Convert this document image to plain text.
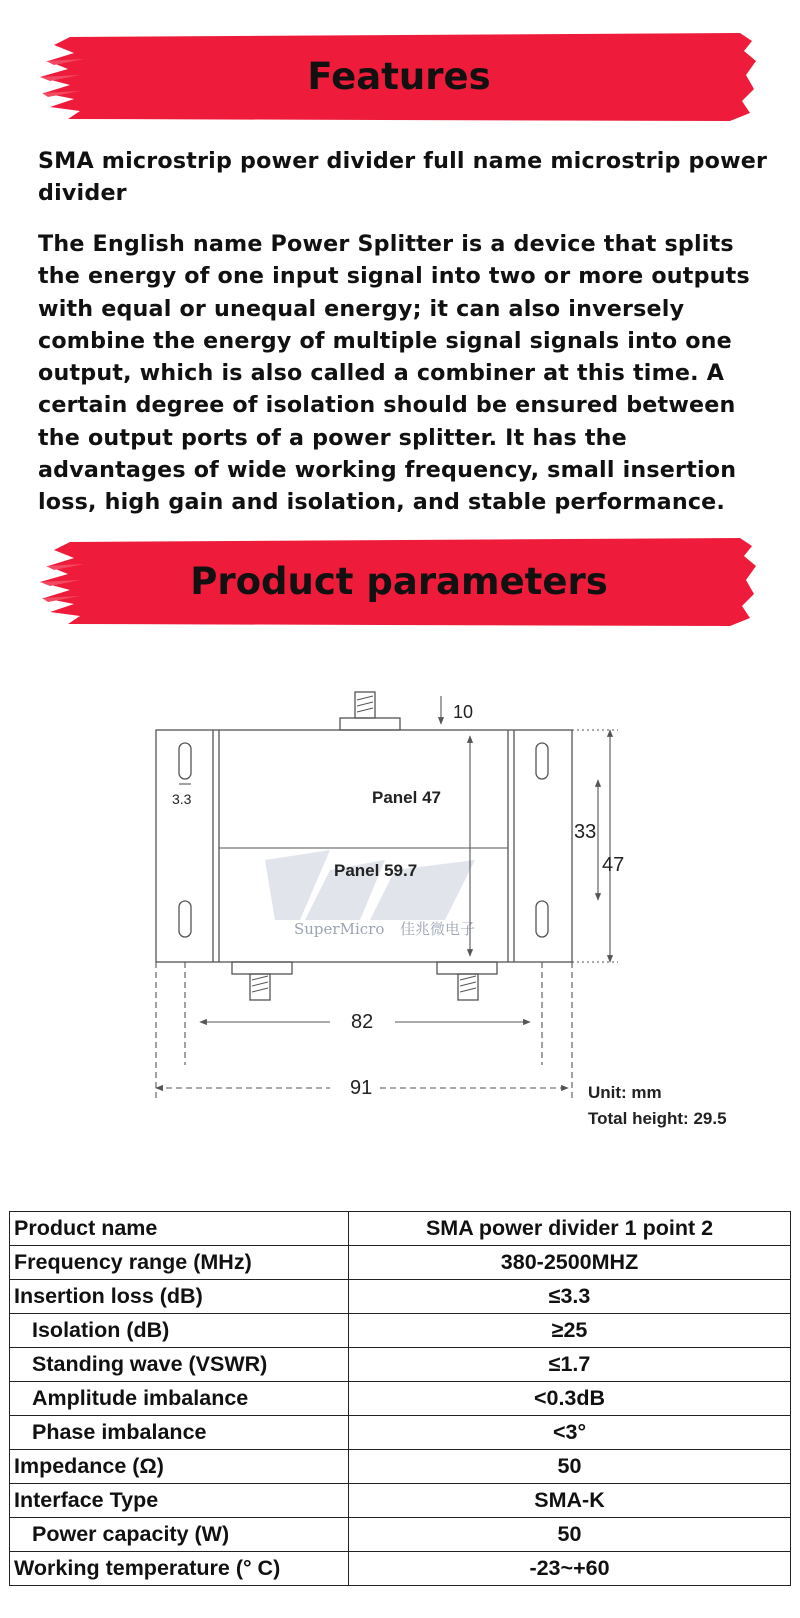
Features

SMA microstrip power divider full name microstrip power divider

The English name Power Splitter is a device that splits the energy of one input signal into two or more outputs with equal or unequal energy; it can also inversely combine the energy of multiple signal signals into one output, which is also called a combiner at this time. A certain degree of isolation should be ensured between the output ports of a power splitter. It has the advantages of wide working frequency, small insertion loss, high gain and isolation, and stable performance.

Product parameters
SuperMicro 佳兆微电子
3.3	Panel 47
Panel 59.7
10
33
47
82
91	Unit: mm
Total height: 29.5
Product name	SMA power divider 1 point 2
Frequency range (MHz)	380-2500MHZ
Insertion loss (dB)	≤3.3
Isolation (dB)	≥25
Standing wave (VSWR)	≤1.7
Amplitude imbalance	<0.3dB
Phase imbalance	<3°
Impedance (Ω)	50
Interface Type	SMA-K
Power capacity (W)	50
Working temperature (° C)	-23~+60
